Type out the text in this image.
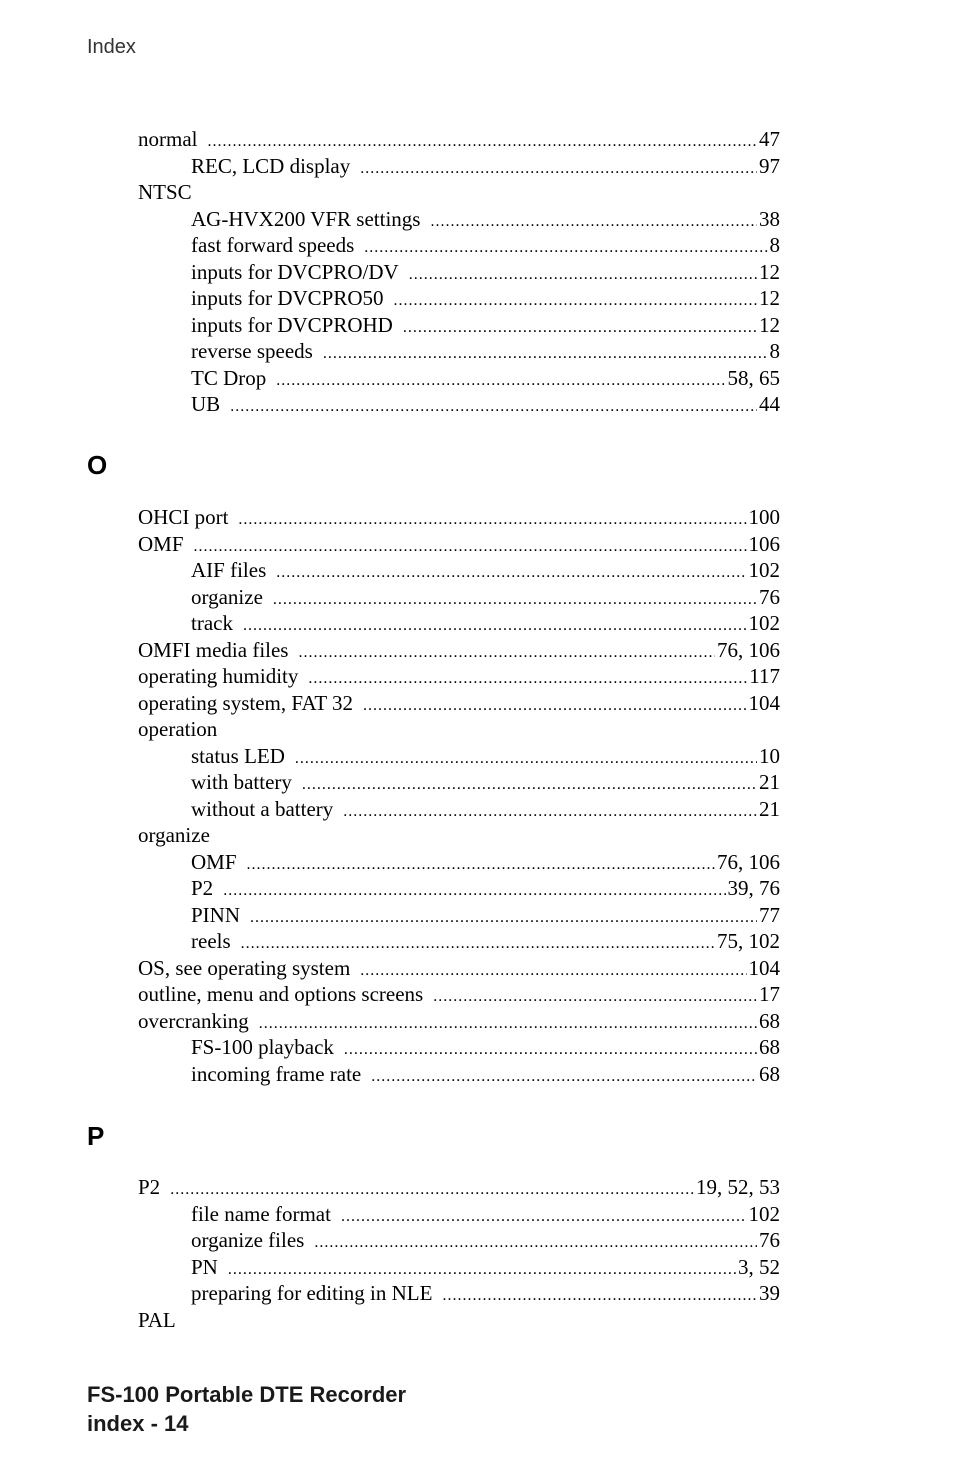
Index
normal .....	47
REC, LCD display .....	97
NTSC
AG-HVX200 VFR settings .....	38
fast forward speeds .....	8
inputs for DVCPRO/DV .....	12
inputs for DVCPRO50 .....	12
inputs for DVCPROHD .....	12
reverse speeds .....	8
TC Drop .....	58, 65
UB .....	44
O
OHCI port .....	100
OMF .....	106
AIF files .....	102
organize .....	76
track .....	102
OMFI media files .....	76, 106
operating humidity .....	117
operating system, FAT 32 .....	104
operation
status LED .....	10
with battery .....	21
without a battery .....	21
organize
OMF .....	76, 106
P2 .....	39, 76
PINN .....	77
reels .....	75, 102
OS, see operating system .....	104
outline, menu and options screens .....	17
overcranking .....	68
FS-100 playback .....	68
incoming frame rate .....	68
P
P2 .....	19, 52, 53
file name format .....	102
organize files .....	76
PN .....	3, 52
preparing for editing in NLE .....	39
PAL
FS-100 Portable DTE Recorder
index - 14
